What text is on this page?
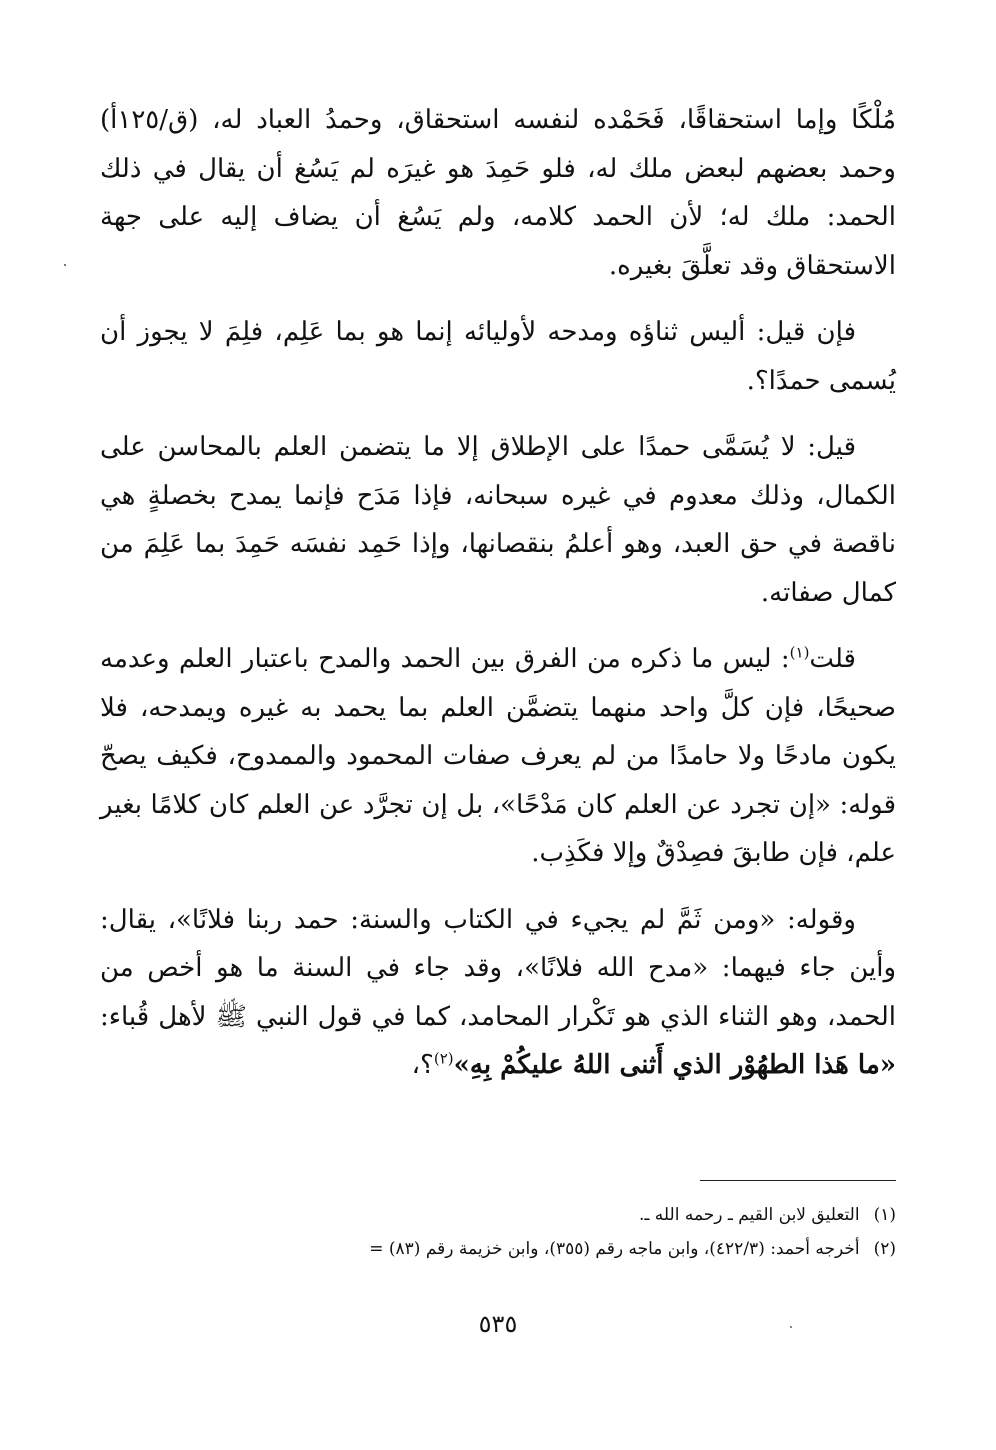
مُلْكًا وإما استحقاقًا، فَحَمْده لنفسه استحقاق، وحمدُ العباد له، (ق/١٢٥أ) وحمد بعضهم لبعض ملك له، فلو حَمِدَ هو غيرَه لم يَسُغ أن يقال في ذلك الحمد: ملك له؛ لأن الحمد كلامه، ولم يَسُغ أن يضاف إليه على جهة الاستحقاق وقد تعلَّقَ بغيره.

فإن قيل: أليس ثناؤه ومدحه لأوليائه إنما هو بما عَلِم، فلِمَ لا يجوز أن يُسمى حمدًا؟.

قيل: لا يُسَمَّى حمدًا على الإطلاق إلا ما يتضمن العلم بالمحاسن على الكمال، وذلك معدوم في غيره سبحانه، فإذا مَدَح فإنما يمدح بخصلةٍ هي ناقصة في حق العبد، وهو أعلمُ بنقصانها، وإذا حَمِد نفسَه حَمِدَ بما عَلِمَ من كمال صفاته.

قلت$^{(١)}$: ليس ما ذكره من الفرق بين الحمد والمدح باعتبار العلم وعدمه صحيحًا، فإن كلَّ واحد منهما يتضمَّن العلم بما يحمد به غيره ويمدحه، فلا يكون مادحًا ولا حامدًا من لم يعرف صفات المحمود والممدوح، فكيف يصحّ قوله: «إن تجرد عن العلم كان مَدْحًا»، بل إن تجرَّد عن العلم كان كلامًا بغير علم، فإن طابقَ فصِدْقٌ وإلا فكَذِب.

وقوله: «ومن ثَمَّ لم يجيء في الكتاب والسنة: حمد ربنا فلانًا»، يقال: وأين جاء فيهما: «مدح الله فلانًا»، وقد جاء في السنة ما هو أخص من الحمد، وهو الثناء الذي هو تَكْرار المحامد، كما في قول النبي ﷺ لأهل قُباء: «ما هَذا الطهُوْر الذي أَثنى اللهُ عليكُمْ بِهِ»$^{(٢)}$؟،

(١)التعليق لابن القيم ـ رحمه الله ـ.

(٢)أخرجه أحمد: (٤٢٢/٣)، وابن ماجه رقم (٣٥٥)، وابن خزيمة رقم (٨٣) =

٥٣٥
